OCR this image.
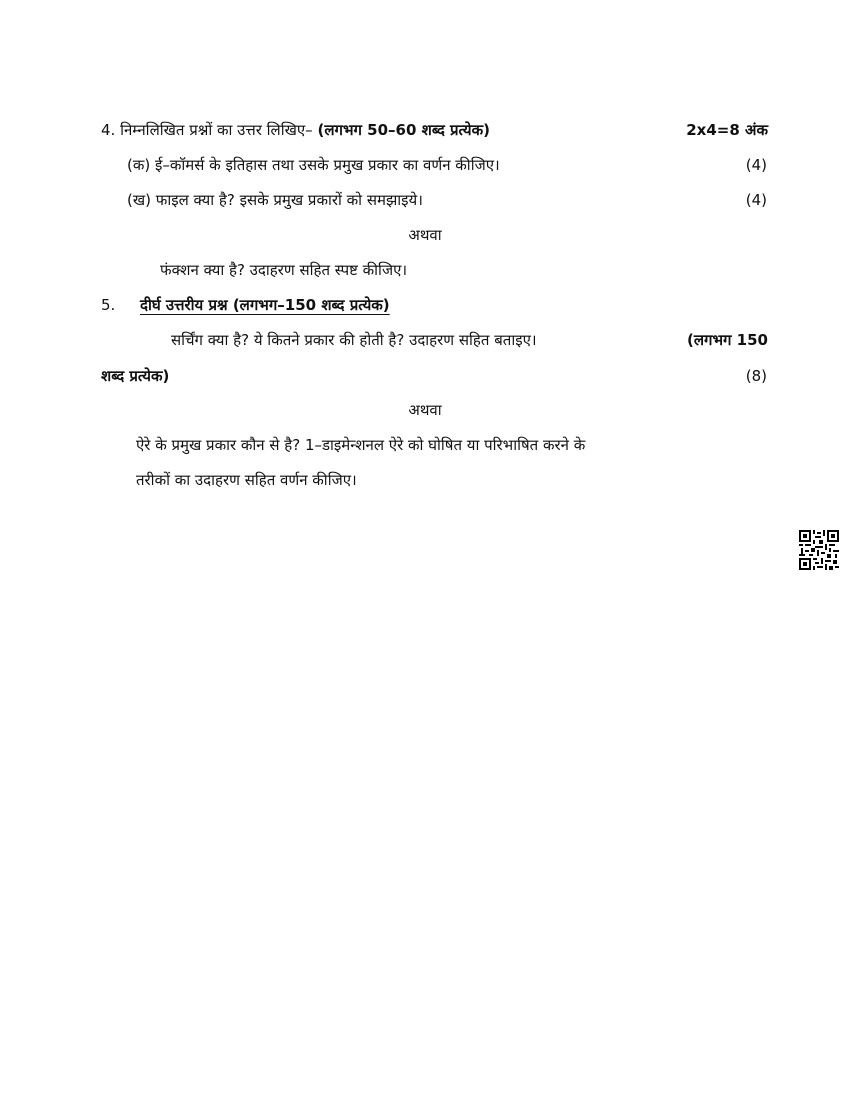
4. निम्नलिखित प्रश्नों का उत्तर लिखिए– (लगभग 50–60 शब्द प्रत्येक)	2x4=8 अंक
(क) ई–कॉमर्स के इतिहास तथा उसके प्रमुख प्रकार का वर्णन कीजिए।	(4)
(ख) फाइल क्या है? इसके प्रमुख प्रकारों को समझाइये।	(4)
अथवा
फंक्शन क्या है? उदाहरण सहित स्पष्ट कीजिए।
5. दीर्घ उत्तरीय प्रश्न (लगभग–150 शब्द प्रत्येक)
सर्चिंग क्या है? ये कितने प्रकार की होती है? उदाहरण सहित बताइए।	(लगभग 150
शब्द प्रत्येक)	(8)
अथवा
ऐरे के प्रमुख प्रकार कौन से है? 1–डाइमेन्शनल ऐरे को घोषित या परिभाषित करने के
तरीकों का उदाहरण सहित वर्णन कीजिए।
